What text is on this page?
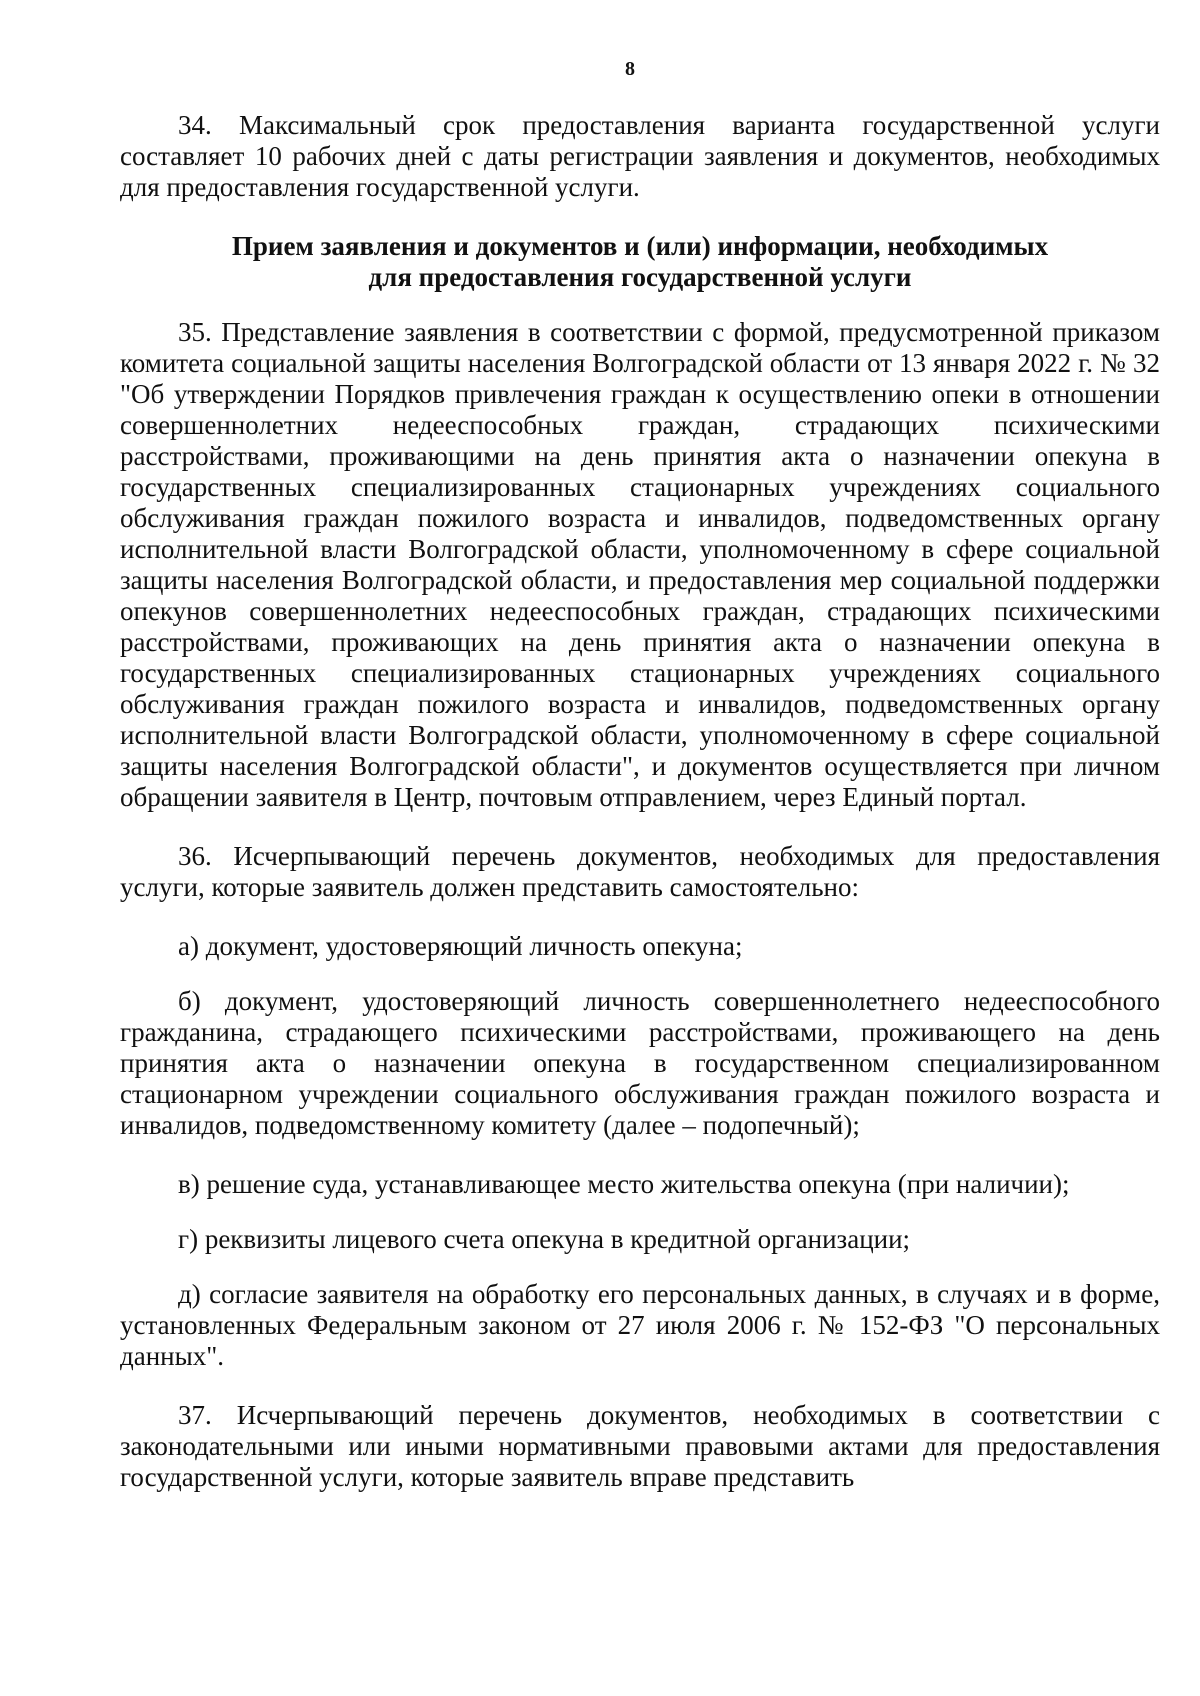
8

34. Максимальный срок предоставления варианта государственной услуги составляет 10 рабочих дней с даты регистрации заявления и документов, необходимых для предоставления государственной услуги.

Прием заявления и документов и (или) информации, необходимых
для предоставления государственной услуги

35. Представление заявления в соответствии с формой, предусмотренной приказом комитета социальной защиты населения Волгоградской области от 13 января 2022 г. № 32 "Об утверждении Порядков привлечения граждан к осуществлению опеки в отношении совершеннолетних недееспособных граждан, страдающих психическими расстройствами, проживающими на день принятия акта о назначении опекуна в государственных специализированных стационарных учреждениях социального обслуживания граждан пожилого возраста и инвалидов, подведомственных органу исполнительной власти Волгоградской области, уполномоченному в сфере социальной защиты населения Волгоградской области, и предоставления мер социальной поддержки опекунов совершеннолетних недееспособных граждан, страдающих психическими расстройствами, проживающих на день принятия акта о назначении опекуна в государственных специализированных стационарных учреждениях социального обслуживания граждан пожилого возраста и инвалидов, подведомственных органу исполнительной власти Волгоградской области, уполномоченному в сфере социальной защиты населения Волгоградской области", и документов осуществляется при личном обращении заявителя в Центр, почтовым отправлением, через Единый портал.

36. Исчерпывающий перечень документов, необходимых для предоставления услуги, которые заявитель должен представить самостоятельно:

а) документ, удостоверяющий личность опекуна;

б) документ, удостоверяющий личность совершеннолетнего недееспособного гражданина, страдающего психическими расстройствами, проживающего на день принятия акта о назначении опекуна в государственном специализированном стационарном учреждении социального обслуживания граждан пожилого возраста и инвалидов, подведомственному комитету (далее – подопечный);

в) решение суда, устанавливающее место жительства опекуна (при наличии);

г) реквизиты лицевого счета опекуна в кредитной организации;

д) согласие заявителя на обработку его персональных данных, в случаях и в форме, установленных Федеральным законом от 27 июля 2006 г. № 152-ФЗ "О персональных данных".

37. Исчерпывающий перечень документов, необходимых в соответствии с законодательными или иными нормативными правовыми актами для предоставления государственной услуги, которые заявитель вправе представить
